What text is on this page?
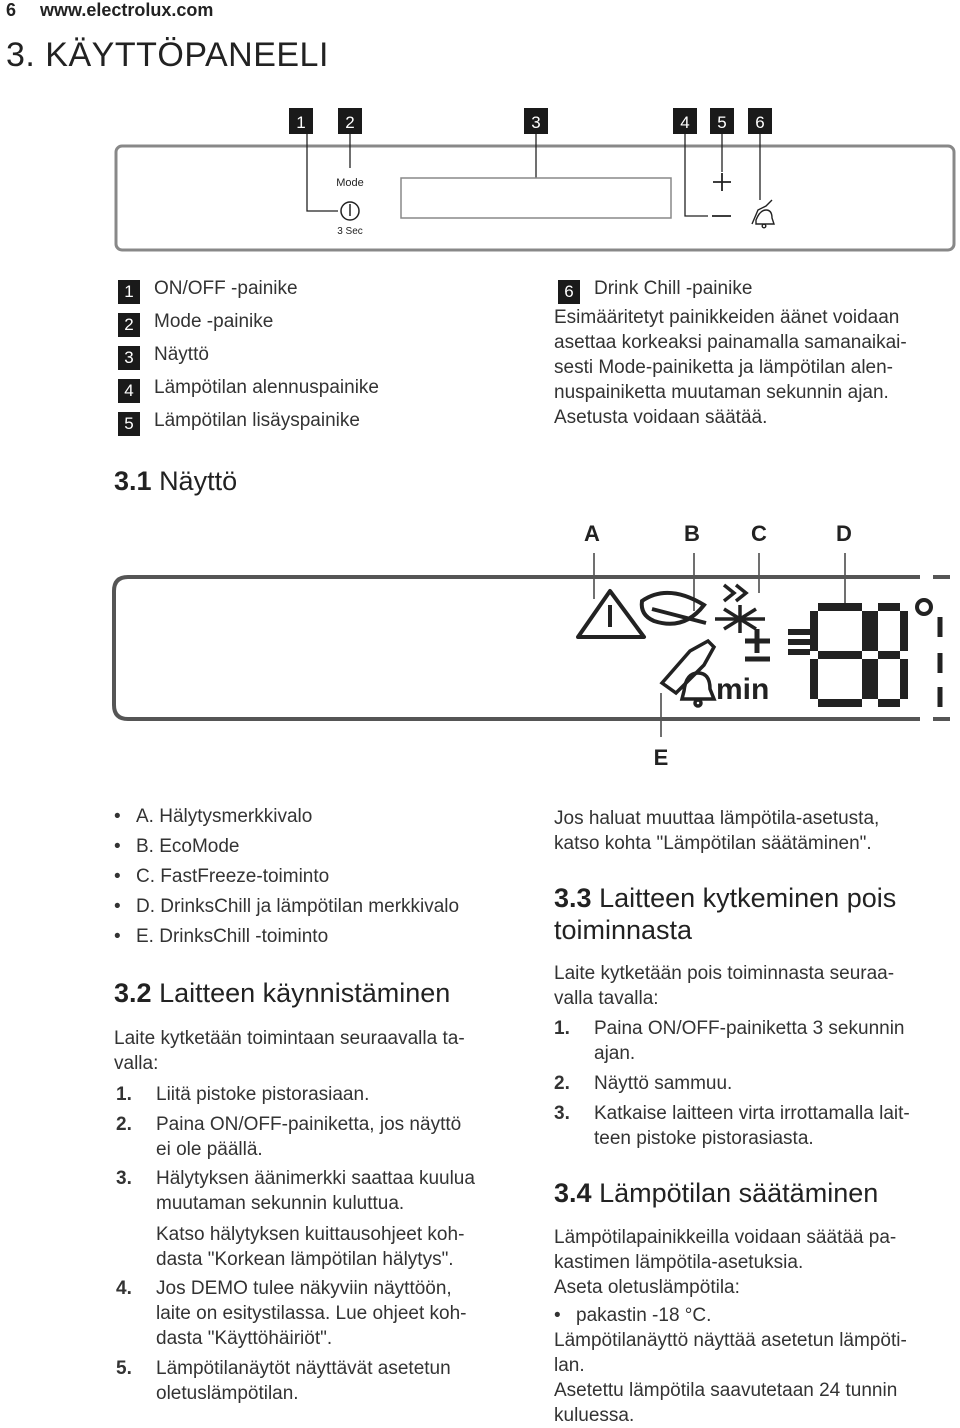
6 www.electrolux.com
3. KÄYTTÖPANEELI
1 2	3	4 5 6
Mode
3 Sec
1	ON/OFF -painike
2	Mode -painike
3	Näyttö
4	Lämpötilan alennuspainike
5	Lämpötilan lisäyspainike
6	Drink Chill -painike
Esimääritetyt painikkeiden äänet voidaan
asettaa korkeaksi painamalla samanaikai-
sesti Mode-painiketta ja lämpötilan alen-
nuspainiketta muutaman sekunnin ajan.
Asetusta voidaan säätää.
3.1 Näyttö
A	B C	D
E
min
A. Hälytysmerkkivalo
B. EcoMode
C. FastFreeze-toiminto
D. DrinksChill ja lämpötilan merkkivalo
E. DrinksChill -toiminto
3.2 Laitteen käynnistäminen
Laite kytketään toimintaan seuraavalla ta-
valla:
1. Liitä pistoke pistorasiaan.
2. Paina ON/OFF-painiketta, jos näyttö
ei ole päällä.
3. Hälytyksen äänimerkki saattaa kuulua
muutaman sekunnin kuluttua.
Katso hälytyksen kuittausohjeet koh-
dasta "Korkean lämpötilan hälytys".
4. Jos DEMO tulee näkyviin näyttöön,
laite on esitystilassa. Lue ohjeet koh-
dasta "Käyttöhäiriöt".
5. Lämpötilanäytöt näyttävät asetetun
oletuslämpötilan.
Jos haluat muuttaa lämpötila-asetusta,
katso kohta "Lämpötilan säätäminen".
3.3 Laitteen kytkeminen pois
toiminnasta
Laite kytketään pois toiminnasta seuraa-
valla tavalla:
1. Paina ON/OFF-painiketta 3 sekunnin
ajan.
2. Näyttö sammuu.
3. Katkaise laitteen virta irrottamalla lait-
teen pistoke pistorasiasta.
3.4 Lämpötilan säätäminen
Lämpötilapainikkeilla voidaan säätää pa-
kastimen lämpötila-asetuksia.
Aseta oletuslämpötila:
pakastin -18 °C.
Lämpötilanäyttö näyttää asetetun lämpöti-
lan.
Asetettu lämpötila saavutetaan 24 tunnin
kuluessa.
